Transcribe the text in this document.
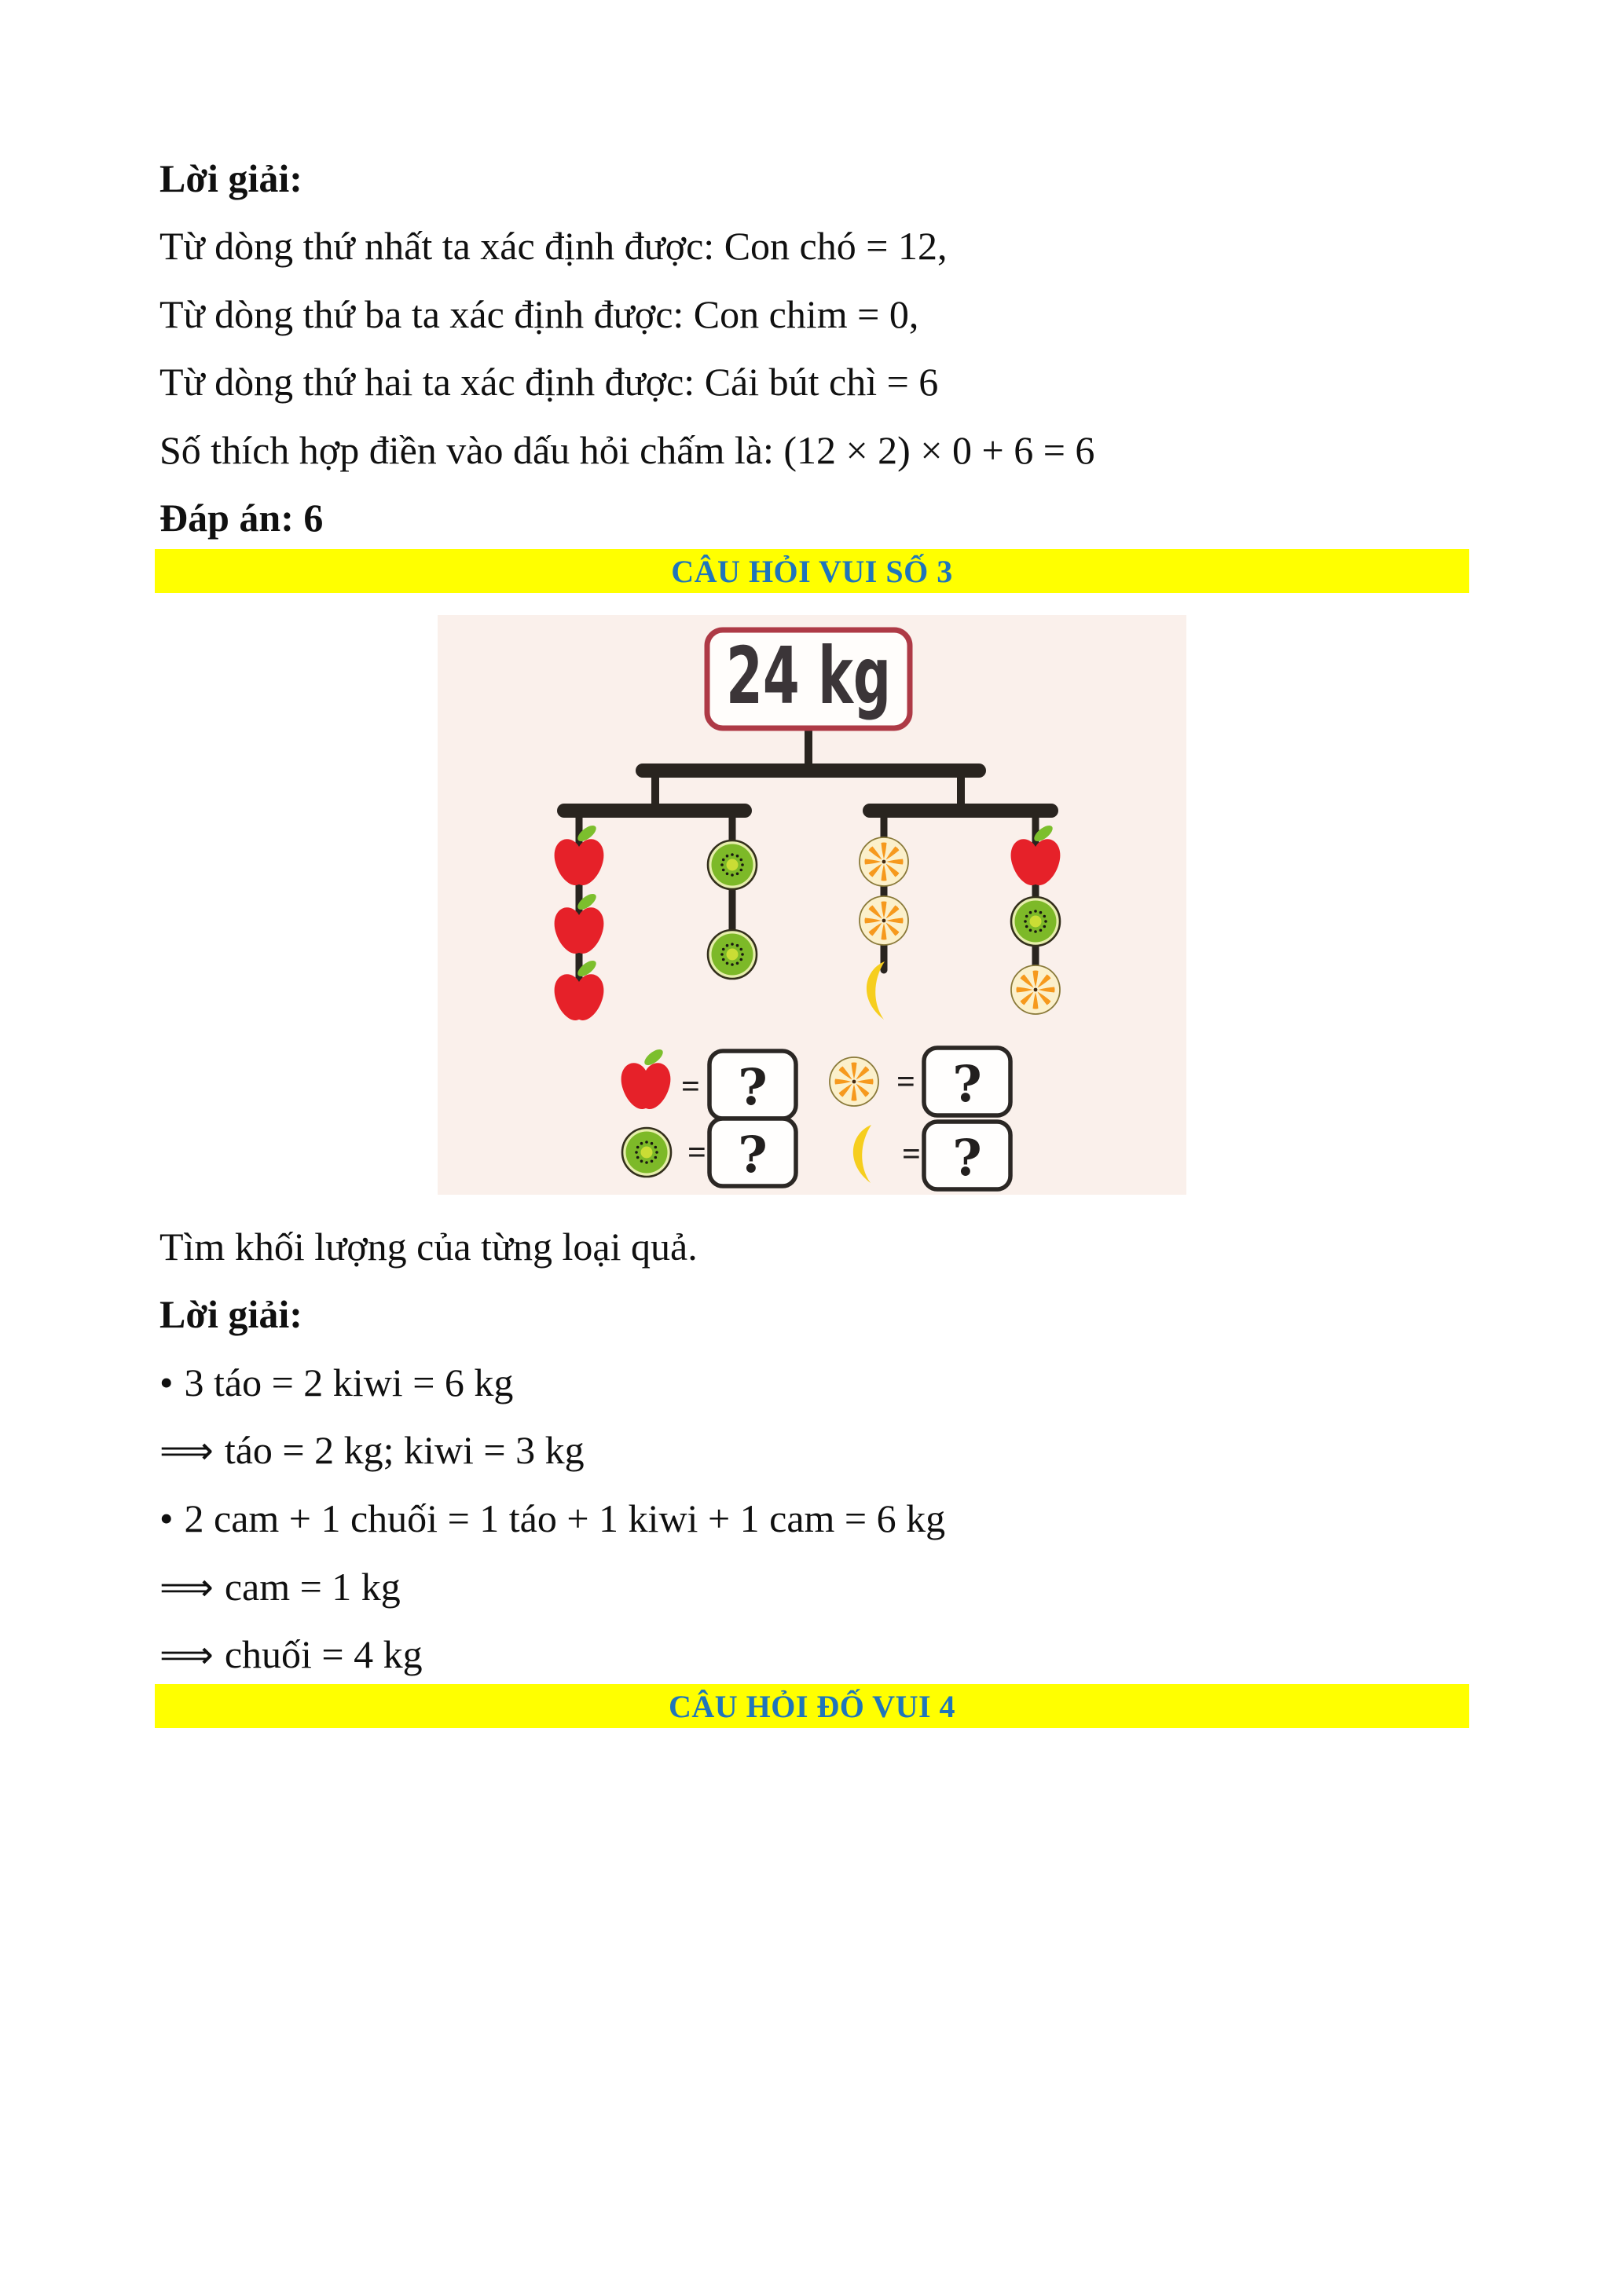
Lời giải:
Từ dòng thứ nhất ta xác định được: Con chó = 12,
Từ dòng thứ ba ta xác định được: Con chim = 0,
Từ dòng thứ hai ta xác định được: Cái bút chì = 6
Số thích hợp điền vào dấu hỏi chấm là: (12 × 2) × 0 + 6 = 6
Đáp án: 6
CÂU HỎI VUI SỐ 3
24 kg
= ?	= ?
= ?	= ?
Tìm khối lượng của từng loại quả.
Lời giải:
• 3 táo = 2 kiwi = 6 kg
⟹ táo = 2 kg; kiwi = 3 kg
• 2 cam + 1 chuối = 1 táo + 1 kiwi + 1 cam = 6 kg
⟹ cam = 1 kg
⟹ chuối = 4 kg
CÂU HỎI ĐỐ VUI 4
